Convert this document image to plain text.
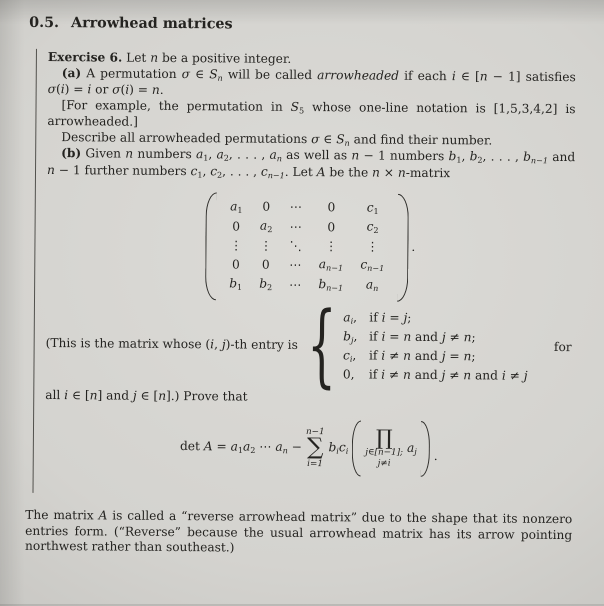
0.5. Arrowhead matrices

Exercise 6. Let n be a positive integer.

(a) A permutation σ ∈ Sn will be called arrowheaded if each i ∈ [n − 1] satisfies σ(i) = i or σ(i) = n.

[For example, the permutation in S5 whose one-line notation is [1,5,3,4,2] is arrowheaded.]

Describe all arrowheaded permutations σ ∈ Sn and find their number.

(b) Given n numbers a1, a2, . . . , an as well as n − 1 numbers b1, b2, . . . , bn−1 and n − 1 further numbers c1, c2, . . . , cn−1. Let A be the n × n-matrix

a1 0 ⋯ 0	c1
0 a2 ⋯ 0	c2
⋮ ⋮ ⋱ ⋮ ⋮
0 0 ⋯ an−1 cn−1
b1 b2 ⋯ bn−1 an
.
(This is the matrix whose (i, j)-th entry is { ai, if i = j;
bj, if i = n and j ≠ n;
ci,	if i ≠ n and j = n;
0,	if i ≠ n and j ≠ n and i ≠ j
for

all i ∈ [n] and j ∈ [n].) Prove that

det A = a1a2 ⋯ an −
n−1
∑
i=1
bici
∏
j∈[n−1];
j≠i
aj .

The matrix A is called a “reverse arrowhead matrix” due to the shape that its nonzero entries form. (“Reverse” because the usual arrowhead matrix has its arrow pointing northwest rather than southeast.)
